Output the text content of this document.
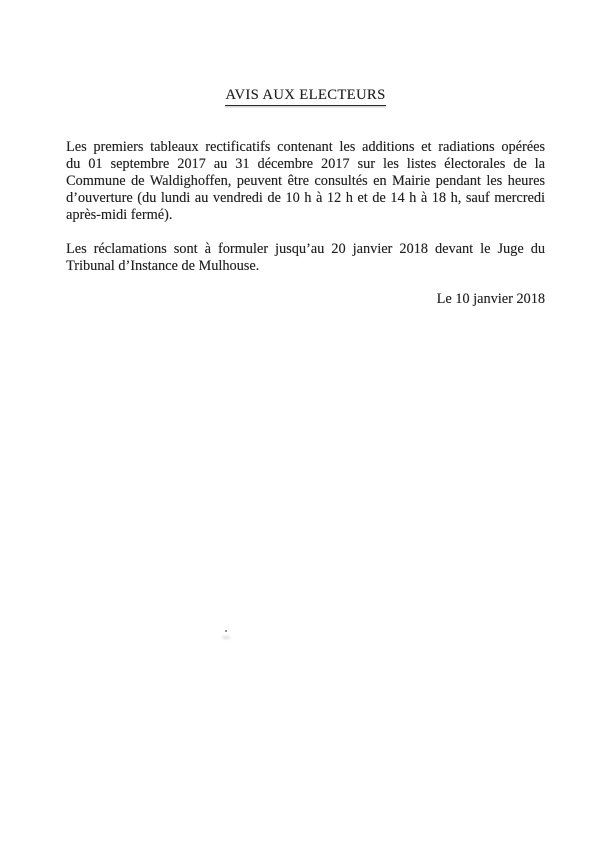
AVIS AUX ELECTEURS
Les premiers tableaux rectificatifs contenant les additions et radiations opérées
du 01 septembre 2017 au 31 décembre 2017 sur les listes électorales de la
Commune de Waldighoffen, peuvent être consultés en Mairie pendant les heures
d’ouverture (du lundi au vendredi de 10 h à 12 h et de 14 h à 18 h, sauf mercredi
après-midi fermé).
Les réclamations sont à formuler jusqu’au 20 janvier 2018 devant le Juge du
Tribunal d’Instance de Mulhouse.
Le 10 janvier 2018
